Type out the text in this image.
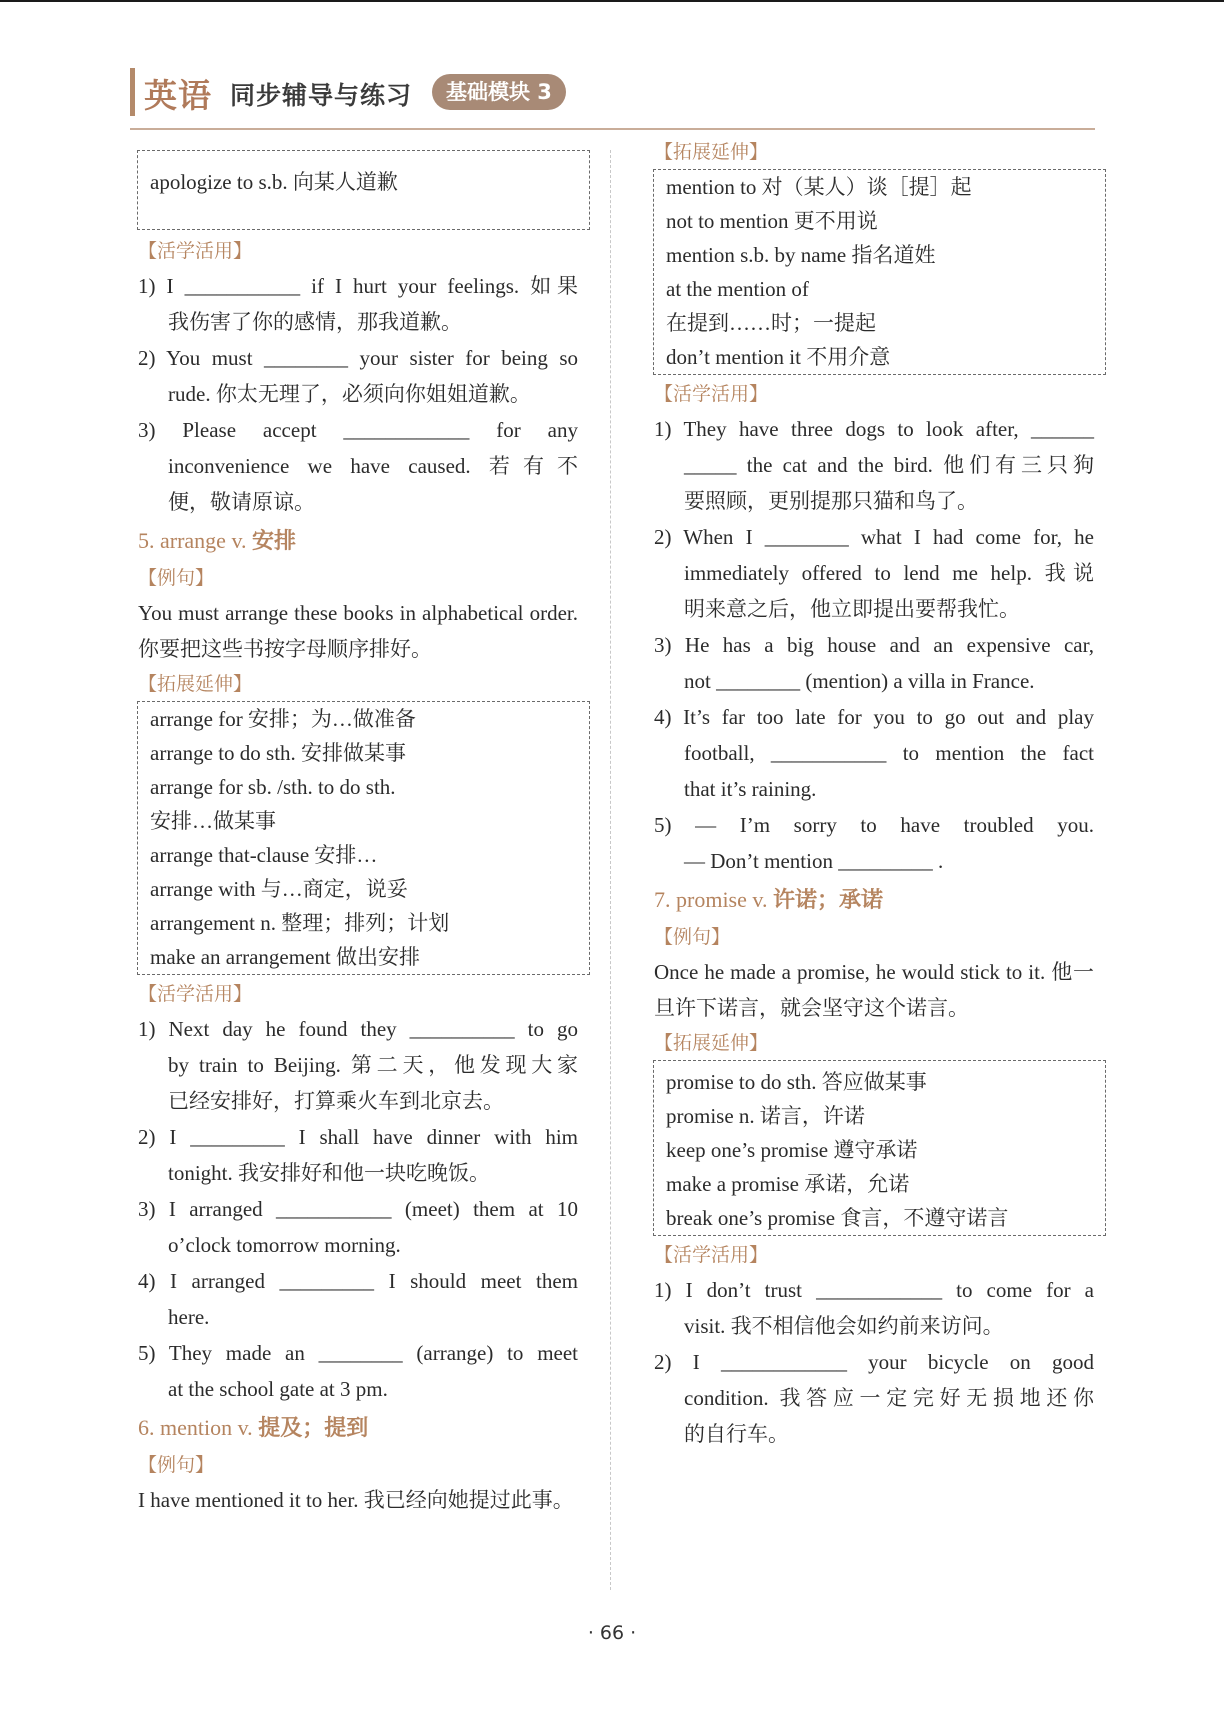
英语 同步辅导与练习	基础模块 3
apologize to s.b. 向某人道歉
【活学活用】
1) I ___________ if I hurt your feelings. 如果
我伤害了你的感情，那我道歉。
2) You must ________ your sister for being so
rude. 你太无理了，必须向你姐姐道歉。
3) Please accept ____________ for any
inconvenience we have caused. 若有不
便，敬请原谅。
5. arrange v. 安排
【例句】
You must arrange these books in alphabetical order. 你要把这些书按字母顺序排好。
【拓展延伸】
arrange for 安排；为…做准备
arrange to do sth. 安排做某事
arrange for sb. /sth. to do sth.
安排…做某事
arrange that-clause 安排…
arrange with 与…商定，说妥
arrangement n. 整理；排列；计划
make an arrangement 做出安排
【活学活用】
1) Next day he found they __________ to go
by train to Beijing. 第二天，他发现大家
已经安排好，打算乘火车到北京去。
2) I _________ I shall have dinner with him
tonight. 我安排好和他一块吃晚饭。
3) I arranged ___________ (meet) them at 10
o’clock tomorrow morning.
4) I arranged _________ I should meet them
here.
5) They made an ________ (arrange) to meet
at the school gate at 3 pm.
6. mention v. 提及；提到
【例句】
I have mentioned it to her. 我已经向她提过此事。
【拓展延伸】
mention to 对（某人）谈［提］起
not to mention 更不用说
mention s.b. by name 指名道姓
at the mention of
在提到……时；一提起
don’t mention it 不用介意
【活学活用】
1) They have three dogs to look after, ______
_____ the cat and the bird. 他们有三只狗
要照顾，更别提那只猫和鸟了。
2) When I ________ what I had come for, he
immediately offered to lend me help. 我说
明来意之后，他立即提出要帮我忙。
3) He has a big house and an expensive car,
not ________ (mention) a villa in France.
4) It’s far too late for you to go out and play
football, ___________ to mention the fact
that it’s raining.
5) — I’m sorry to have troubled you.
— Don’t mention _________ .
7. promise v. 许诺；承诺
【例句】
Once he made a promise, he would stick to it. 他一旦许下诺言，就会坚守这个诺言。
【拓展延伸】
promise to do sth. 答应做某事
promise n. 诺言，许诺
keep one’s promise 遵守承诺
make a promise 承诺，允诺
break one’s promise 食言，不遵守诺言
【活学活用】
1) I don’t trust ____________ to come for a
visit. 我不相信他会如约前来访问。
2) I ____________ your bicycle on good
condition. 我答应一定完好无损地还你
的自行车。
· 66 ·
